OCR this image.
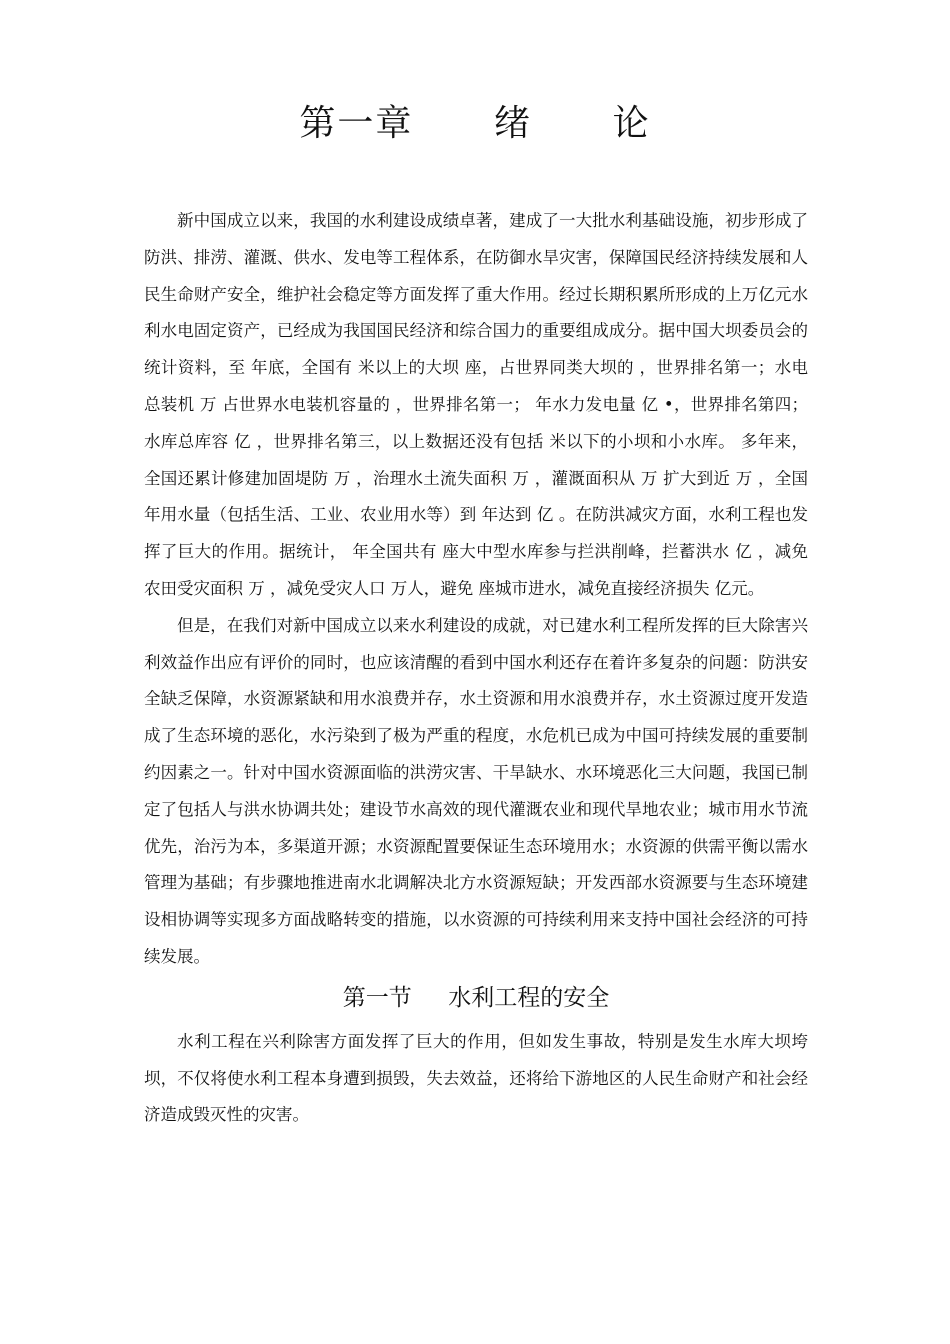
第一章      绪      论

新中国成立以来，我国的水利建设成绩卓著，建成了一大批水利基础设施，初步形成了防洪、排涝、灌溉、供水、发电等工程体系，在防御水旱灾害，保障国民经济持续发展和人民生命财产安全，维护社会稳定等方面发挥了重大作用。经过长期积累所形成的上万亿元水利水电固定资产，已经成为我国国民经济和综合国力的重要组成成分。据中国大坝委员会的统计资料，至 年底，全国有 米以上的大坝 座，占世界同类大坝的 ，世界排名第一；水电总装机 万 占世界水电装机容量的 ，世界排名第一； 年水力发电量 亿 •，世界排名第四；水库总库容 亿 ，世界排名第三，以上数据还没有包括 米以下的小坝和小水库。 多年来，全国还累计修建加固堤防 万 ，治理水土流失面积 万 ，灌溉面积从 万 扩大到近 万 ，全国年用水量（包括生活、工业、农业用水等）到 年达到 亿 。在防洪减灾方面，水利工程也发挥了巨大的作用。据统计， 年全国共有 座大中型水库参与拦洪削峰，拦蓄洪水 亿 ，减免农田受灾面积 万 ，减免受灾人口 万人，避免 座城市进水，减免直接经济损失 亿元。

但是，在我们对新中国成立以来水利建设的成就，对已建水利工程所发挥的巨大除害兴利效益作出应有评价的同时，也应该清醒的看到中国水利还存在着许多复杂的问题：防洪安全缺乏保障，水资源紧缺和用水浪费并存，水土资源和用水浪费并存，水土资源过度开发造成了生态环境的恶化，水污染到了极为严重的程度，水危机已成为中国可持续发展的重要制约因素之一。针对中国水资源面临的洪涝灾害、干旱缺水、水环境恶化三大问题，我国已制定了包括人与洪水协调共处；建设节水高效的现代灌溉农业和现代旱地农业；城市用水节流优先，治污为本，多渠道开源；水资源配置要保证生态环境用水；水资源的供需平衡以需水管理为基础；有步骤地推进南水北调解决北方水资源短缺；开发西部水资源要与生态环境建设相协调等实现多方面战略转变的措施，以水资源的可持续利用来支持中国社会经济的可持续发展。

第一节     水利工程的安全

水利工程在兴利除害方面发挥了巨大的作用，但如发生事故，特别是发生水库大坝垮坝，不仅将使水利工程本身遭到损毁，失去效益，还将给下游地区的人民生命财产和社会经济造成毁灭性的灾害。
